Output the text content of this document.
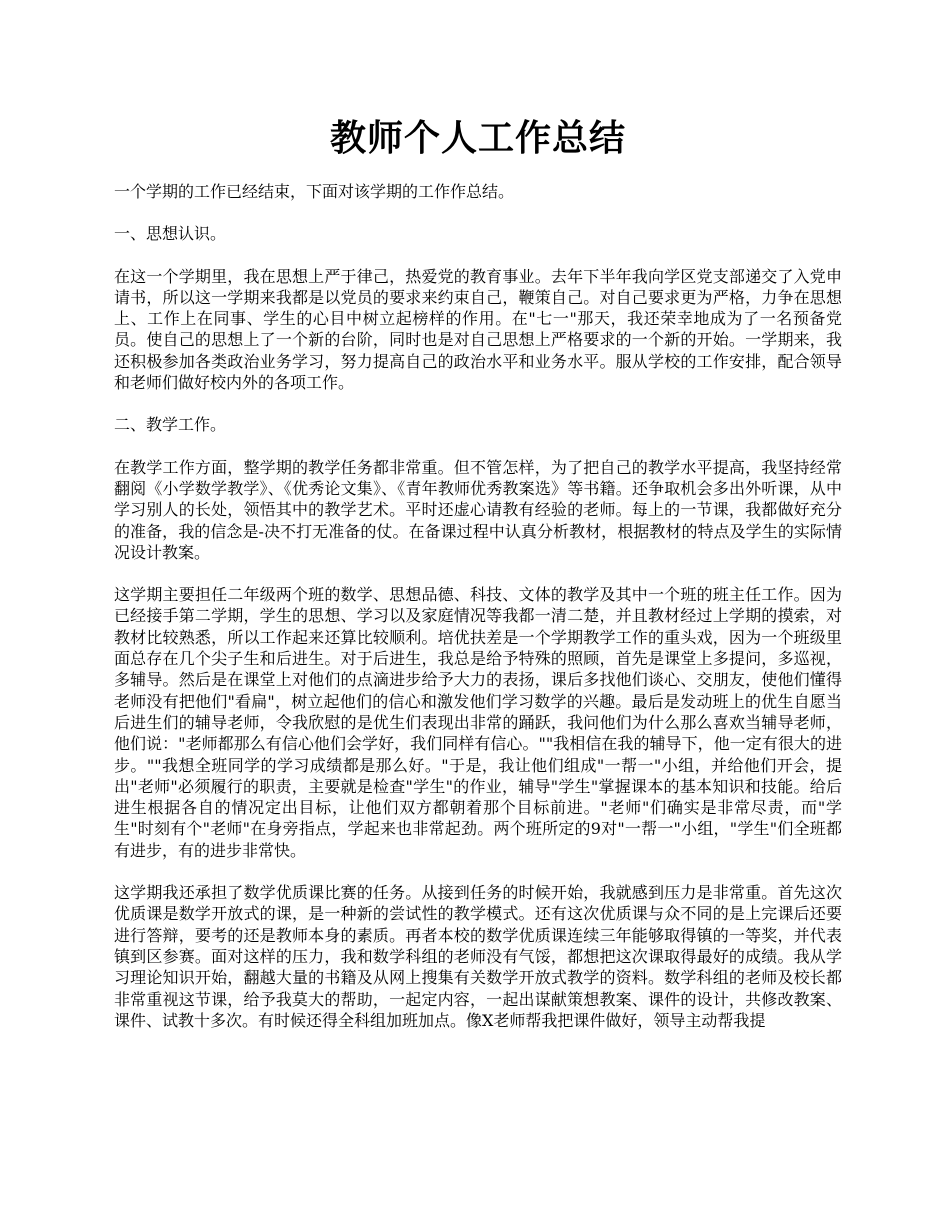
教师个人工作总结

一个学期的工作已经结束，下面对该学期的工作作总结。

一、思想认识。

在这一个学期里，我在思想上严于律己，热爱党的教育事业。去年下半年我向学区党支部递交了入党申请书，所以这一学期来我都是以党员的要求来约束自己，鞭策自己。对自己要求更为严格，力争在思想上、工作上在同事、学生的心目中树立起榜样的作用。在"七一"那天，我还荣幸地成为了一名预备党员。使自己的思想上了一个新的台阶，同时也是对自己思想上严格要求的一个新的开始。一学期来，我还积极参加各类政治业务学习，努力提高自己的政治水平和业务水平。服从学校的工作安排，配合领导和老师们做好校内外的各项工作。

二、教学工作。

在教学工作方面，整学期的教学任务都非常重。但不管怎样，为了把自己的教学水平提高，我坚持经常翻阅《小学数学教学》、《优秀论文集》、《青年教师优秀教案选》等书籍。还争取机会多出外听课，从中学习别人的长处，领悟其中的教学艺术。平时还虚心请教有经验的老师。每上的一节课，我都做好充分的准备，我的信念是-决不打无准备的仗。在备课过程中认真分析教材，根据教材的特点及学生的实际情况设计教案。

这学期主要担任二年级两个班的数学、思想品德、科技、文体的教学及其中一个班的班主任工作。因为已经接手第二学期，学生的思想、学习以及家庭情况等我都一清二楚，并且教材经过上学期的摸索，对教材比较熟悉，所以工作起来还算比较顺利。培优扶差是一个学期教学工作的重头戏，因为一个班级里面总存在几个尖子生和后进生。对于后进生，我总是给予特殊的照顾，首先是课堂上多提问，多巡视，多辅导。然后是在课堂上对他们的点滴进步给予大力的表扬，课后多找他们谈心、交朋友，使他们懂得老师没有把他们"看扁"，树立起他们的信心和激发他们学习数学的兴趣。最后是发动班上的优生自愿当后进生们的辅导老师，令我欣慰的是优生们表现出非常的踊跃，我问他们为什么那么喜欢当辅导老师，他们说："老师都那么有信心他们会学好，我们同样有信心。""我相信在我的辅导下，他一定有很大的进步。""我想全班同学的学习成绩都是那么好。"于是，我让他们组成"一帮一"小组，并给他们开会，提出"老师"必须履行的职责，主要就是检查"学生"的作业，辅导"学生"掌握课本的基本知识和技能。给后进生根据各自的情况定出目标，让他们双方都朝着那个目标前进。"老师"们确实是非常尽责，而"学生"时刻有个"老师"在身旁指点，学起来也非常起劲。两个班所定的9对"一帮一"小组，"学生"们全班都有进步，有的进步非常快。

这学期我还承担了数学优质课比赛的任务。从接到任务的时候开始，我就感到压力是非常重。首先这次优质课是数学开放式的课，是一种新的尝试性的教学模式。还有这次优质课与众不同的是上完课后还要进行答辩，要考的还是教师本身的素质。再者本校的数学优质课连续三年能够取得镇的一等奖，并代表镇到区参赛。面对这样的压力，我和数学科组的老师没有气馁，都想把这次课取得最好的成绩。我从学习理论知识开始，翻越大量的书籍及从网上搜集有关数学开放式教学的资料。数学科组的老师及校长都非常重视这节课，给予我莫大的帮助，一起定内容，一起出谋献策想教案、课件的设计，共修改教案、课件、试教十多次。有时候还得全科组加班加点。像X老师帮我把课件做好，领导主动帮我提
